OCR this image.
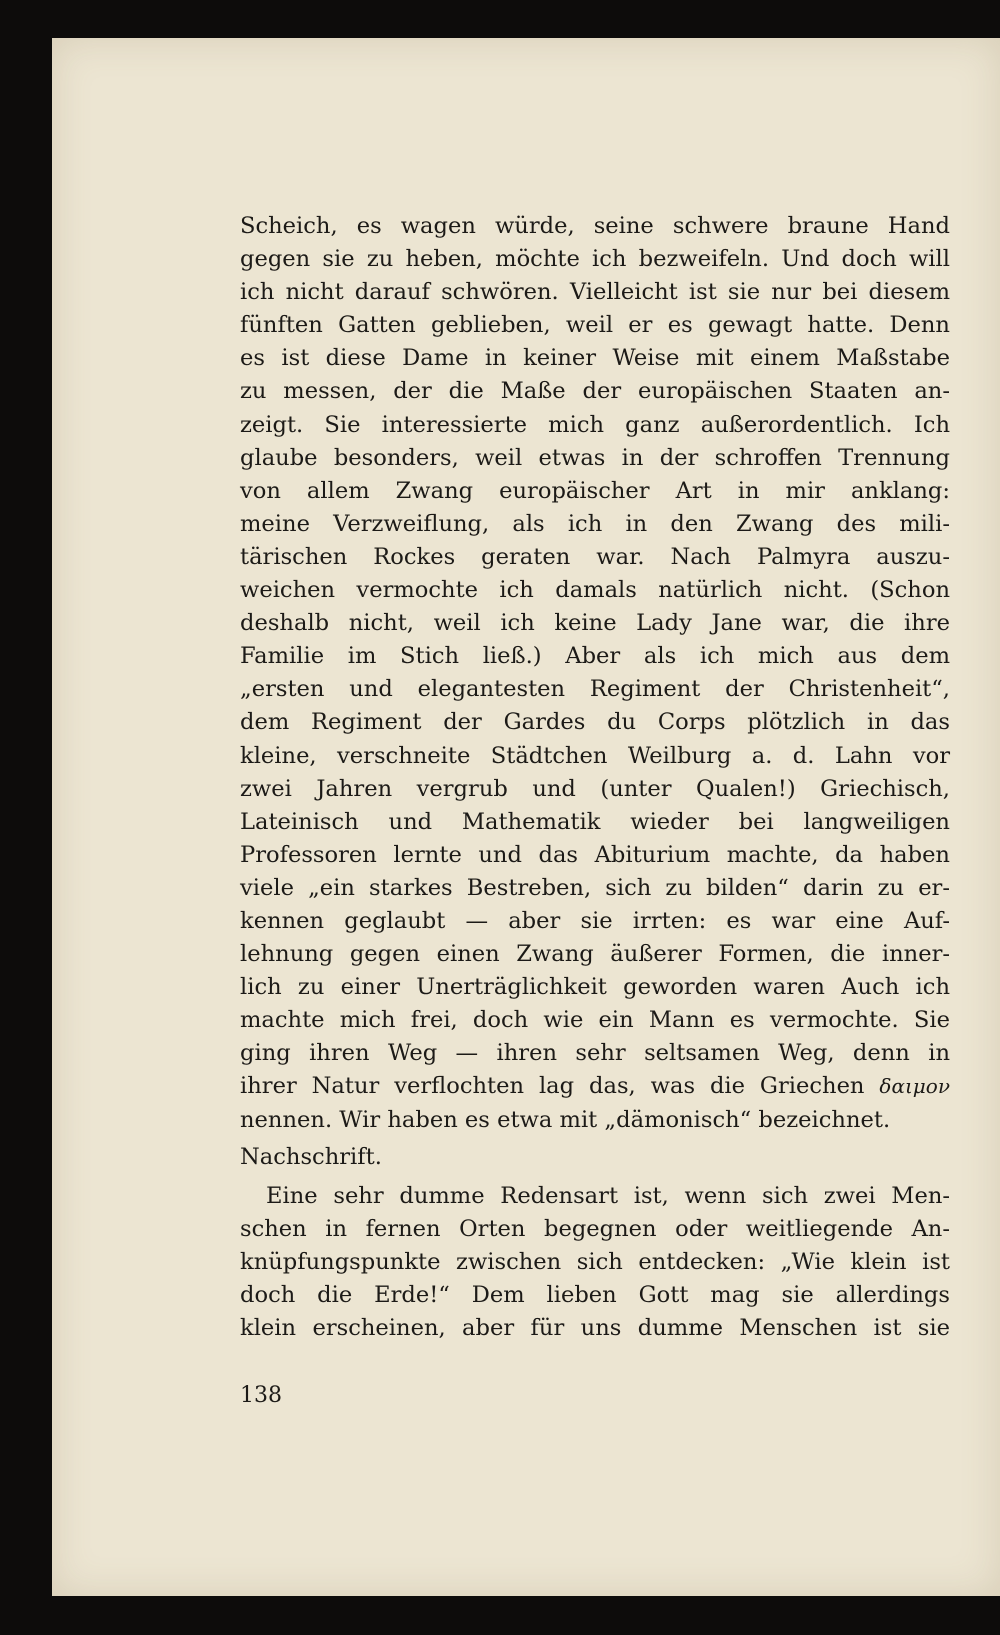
Scheich, es wagen würde, seine schwere braune Hand
gegen sie zu heben, möchte ich bezweifeln. Und doch will
ich nicht darauf schwören. Vielleicht ist sie nur bei diesem
fünften Gatten geblieben, weil er es gewagt hatte. Denn
es ist diese Dame in keiner Weise mit einem Maßstabe
zu messen, der die Maße der europäischen Staaten an-
zeigt. Sie interessierte mich ganz außerordentlich. Ich
glaube besonders, weil etwas in der schroffen Trennung
von allem Zwang europäischer Art in mir anklang:
meine Verzweiflung, als ich in den Zwang des mili-
tärischen Rockes geraten war. Nach Palmyra auszu-
weichen vermochte ich damals natürlich nicht. (Schon
deshalb nicht, weil ich keine Lady Jane war, die ihre
Familie im Stich ließ.) Aber als ich mich aus dem
„ersten und elegantesten Regiment der Christenheit“,
dem Regiment der Gardes du Corps plötzlich in das
kleine, verschneite Städtchen Weilburg a. d. Lahn vor
zwei Jahren vergrub und (unter Qualen!) Griechisch,
Lateinisch und Mathematik wieder bei langweiligen
Professoren lernte und das Abiturium machte, da haben
viele „ein starkes Bestreben, sich zu bilden“ darin zu er-
kennen geglaubt — aber sie irrten: es war eine Auf-
lehnung gegen einen Zwang äußerer Formen, die inner-
lich zu einer Unerträglichkeit geworden waren Auch ich
machte mich frei, doch wie ein Mann es vermochte. Sie
ging ihren Weg — ihren sehr seltsamen Weg, denn in
ihrer Natur verflochten lag das, was die Griechen δαιμον
nennen. Wir haben es etwa mit „dämonisch“ bezeichnet.
Nachschrift.
Eine sehr dumme Redensart ist, wenn sich zwei Men-
schen in fernen Orten begegnen oder weitliegende An-
knüpfungspunkte zwischen sich entdecken: „Wie klein ist
doch die Erde!“ Dem lieben Gott mag sie allerdings
klein erscheinen, aber für uns dumme Menschen ist sie
138
